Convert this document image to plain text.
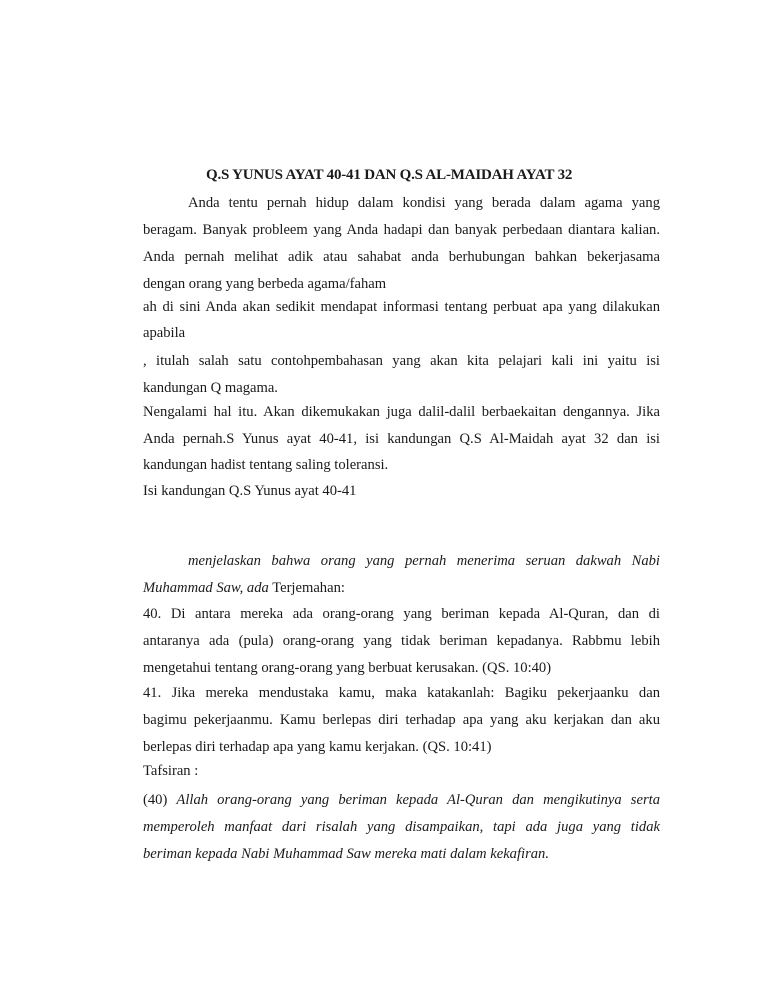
Q.S YUNUS AYAT 40-41 DAN Q.S AL-MAIDAH AYAT 32
Anda tentu pernah hidup dalam kondisi yang berada dalam agama yang
beragam. Banyak probleem yang Anda hadapi dan banyak perbedaan diantara kalian.
Anda pernah melihat adik atau sahabat anda berhubungan bahkan bekerjasama
dengan orang yang berbeda agama/faham
ah di sini Anda akan sedikit mendapat informasi tentang perbuat apa yang dilakukan
apabila
, itulah salah satu contohpembahasan yang akan kita pelajari kali ini yaitu isi
kandungan Q magama.
Nengalami hal itu. Akan dikemukakan juga dalil-dalil berbaekaitan dengannya. Jika
Anda pernah.S Yunus ayat 40-41, isi kandungan Q.S Al-Maidah ayat 32 dan isi
kandungan hadist tentang saling toleransi.
Isi kandungan Q.S Yunus ayat 40-41
menjelaskan bahwa orang yang pernah menerima seruan dakwah Nabi
Muhammad Saw, ada Terjemahan:
40. Di antara mereka ada orang-orang yang beriman kepada Al-Quran, dan di
antaranya ada (pula) orang-orang yang tidak beriman kepadanya. Rabbmu lebih
mengetahui tentang orang-orang yang berbuat kerusakan. (QS. 10:40)
41. Jika mereka mendustaka kamu, maka katakanlah: Bagiku pekerjaanku dan
bagimu pekerjaanmu. Kamu berlepas diri terhadap apa yang aku kerjakan dan aku
berlepas diri terhadap apa yang kamu kerjakan. (QS. 10:41)
Tafsiran :
(40) Allah orang-orang yang beriman kepada Al-Quran dan mengikutinya serta
memperoleh manfaat dari risalah yang disampaikan, tapi ada juga yang tidak
beriman kepada Nabi Muhammad Saw mereka mati dalam kekafiran.
